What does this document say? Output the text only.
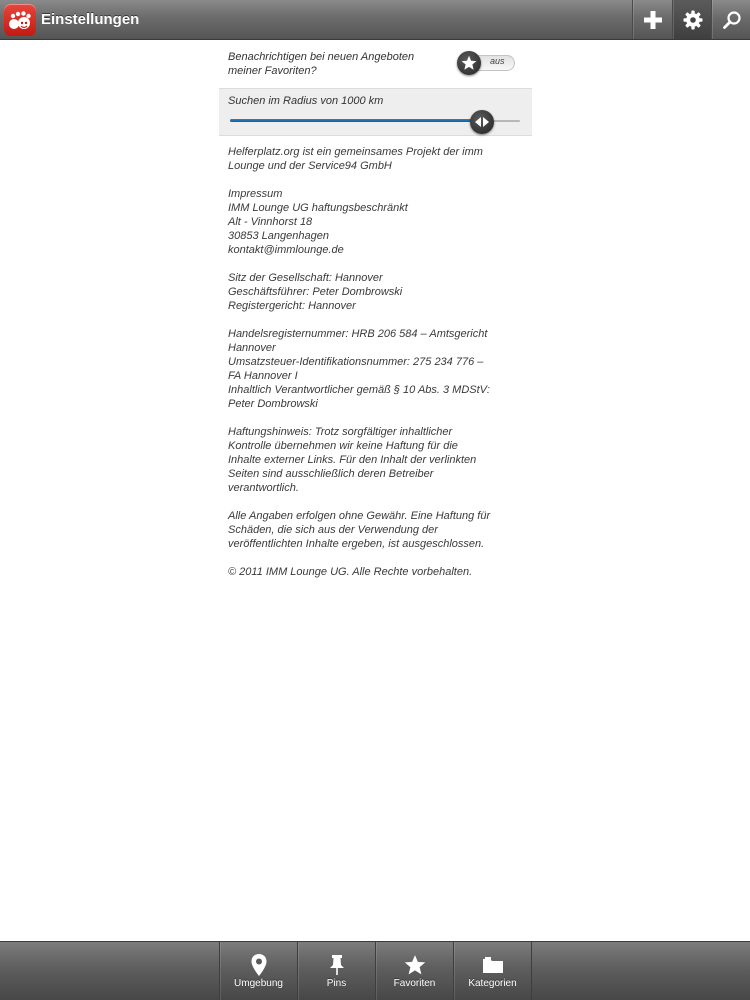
Einstellungen
Benachrichtigen bei neuen Angeboten meiner Favoriten?
aus
Suchen im Radius von 1000 km

Helferplatz.org ist ein gemeinsames Projekt der imm
Lounge und der Service94 GmbH

Impressum
IMM Lounge UG haftungsbeschränkt
Alt - Vinnhorst 18
30853 Langenhagen
kontakt@immlounge.de

Sitz der Gesellschaft: Hannover
Geschäftsführer: Peter Dombrowski
Registergericht: Hannover

Handelsregisternummer: HRB 206 584 – Amtsgericht
Hannover
Umsatzsteuer-Identifikationsnummer: 275 234 776 –
FA Hannover I
Inhaltlich Verantwortlicher gemäß § 10 Abs. 3 MDStV:
Peter Dombrowski

Haftungshinweis: Trotz sorgfältiger inhaltlicher
Kontrolle übernehmen wir keine Haftung für die
Inhalte externer Links. Für den Inhalt der verlinkten
Seiten sind ausschließlich deren Betreiber
verantwortlich.

Alle Angaben erfolgen ohne Gewähr. Eine Haftung für
Schäden, die sich aus der Verwendung der
veröffentlichten Inhalte ergeben, ist ausgeschlossen.

© 2011 IMM Lounge UG. Alle Rechte vorbehalten.

Umgebung	Pins	Favoriten	Kategorien
